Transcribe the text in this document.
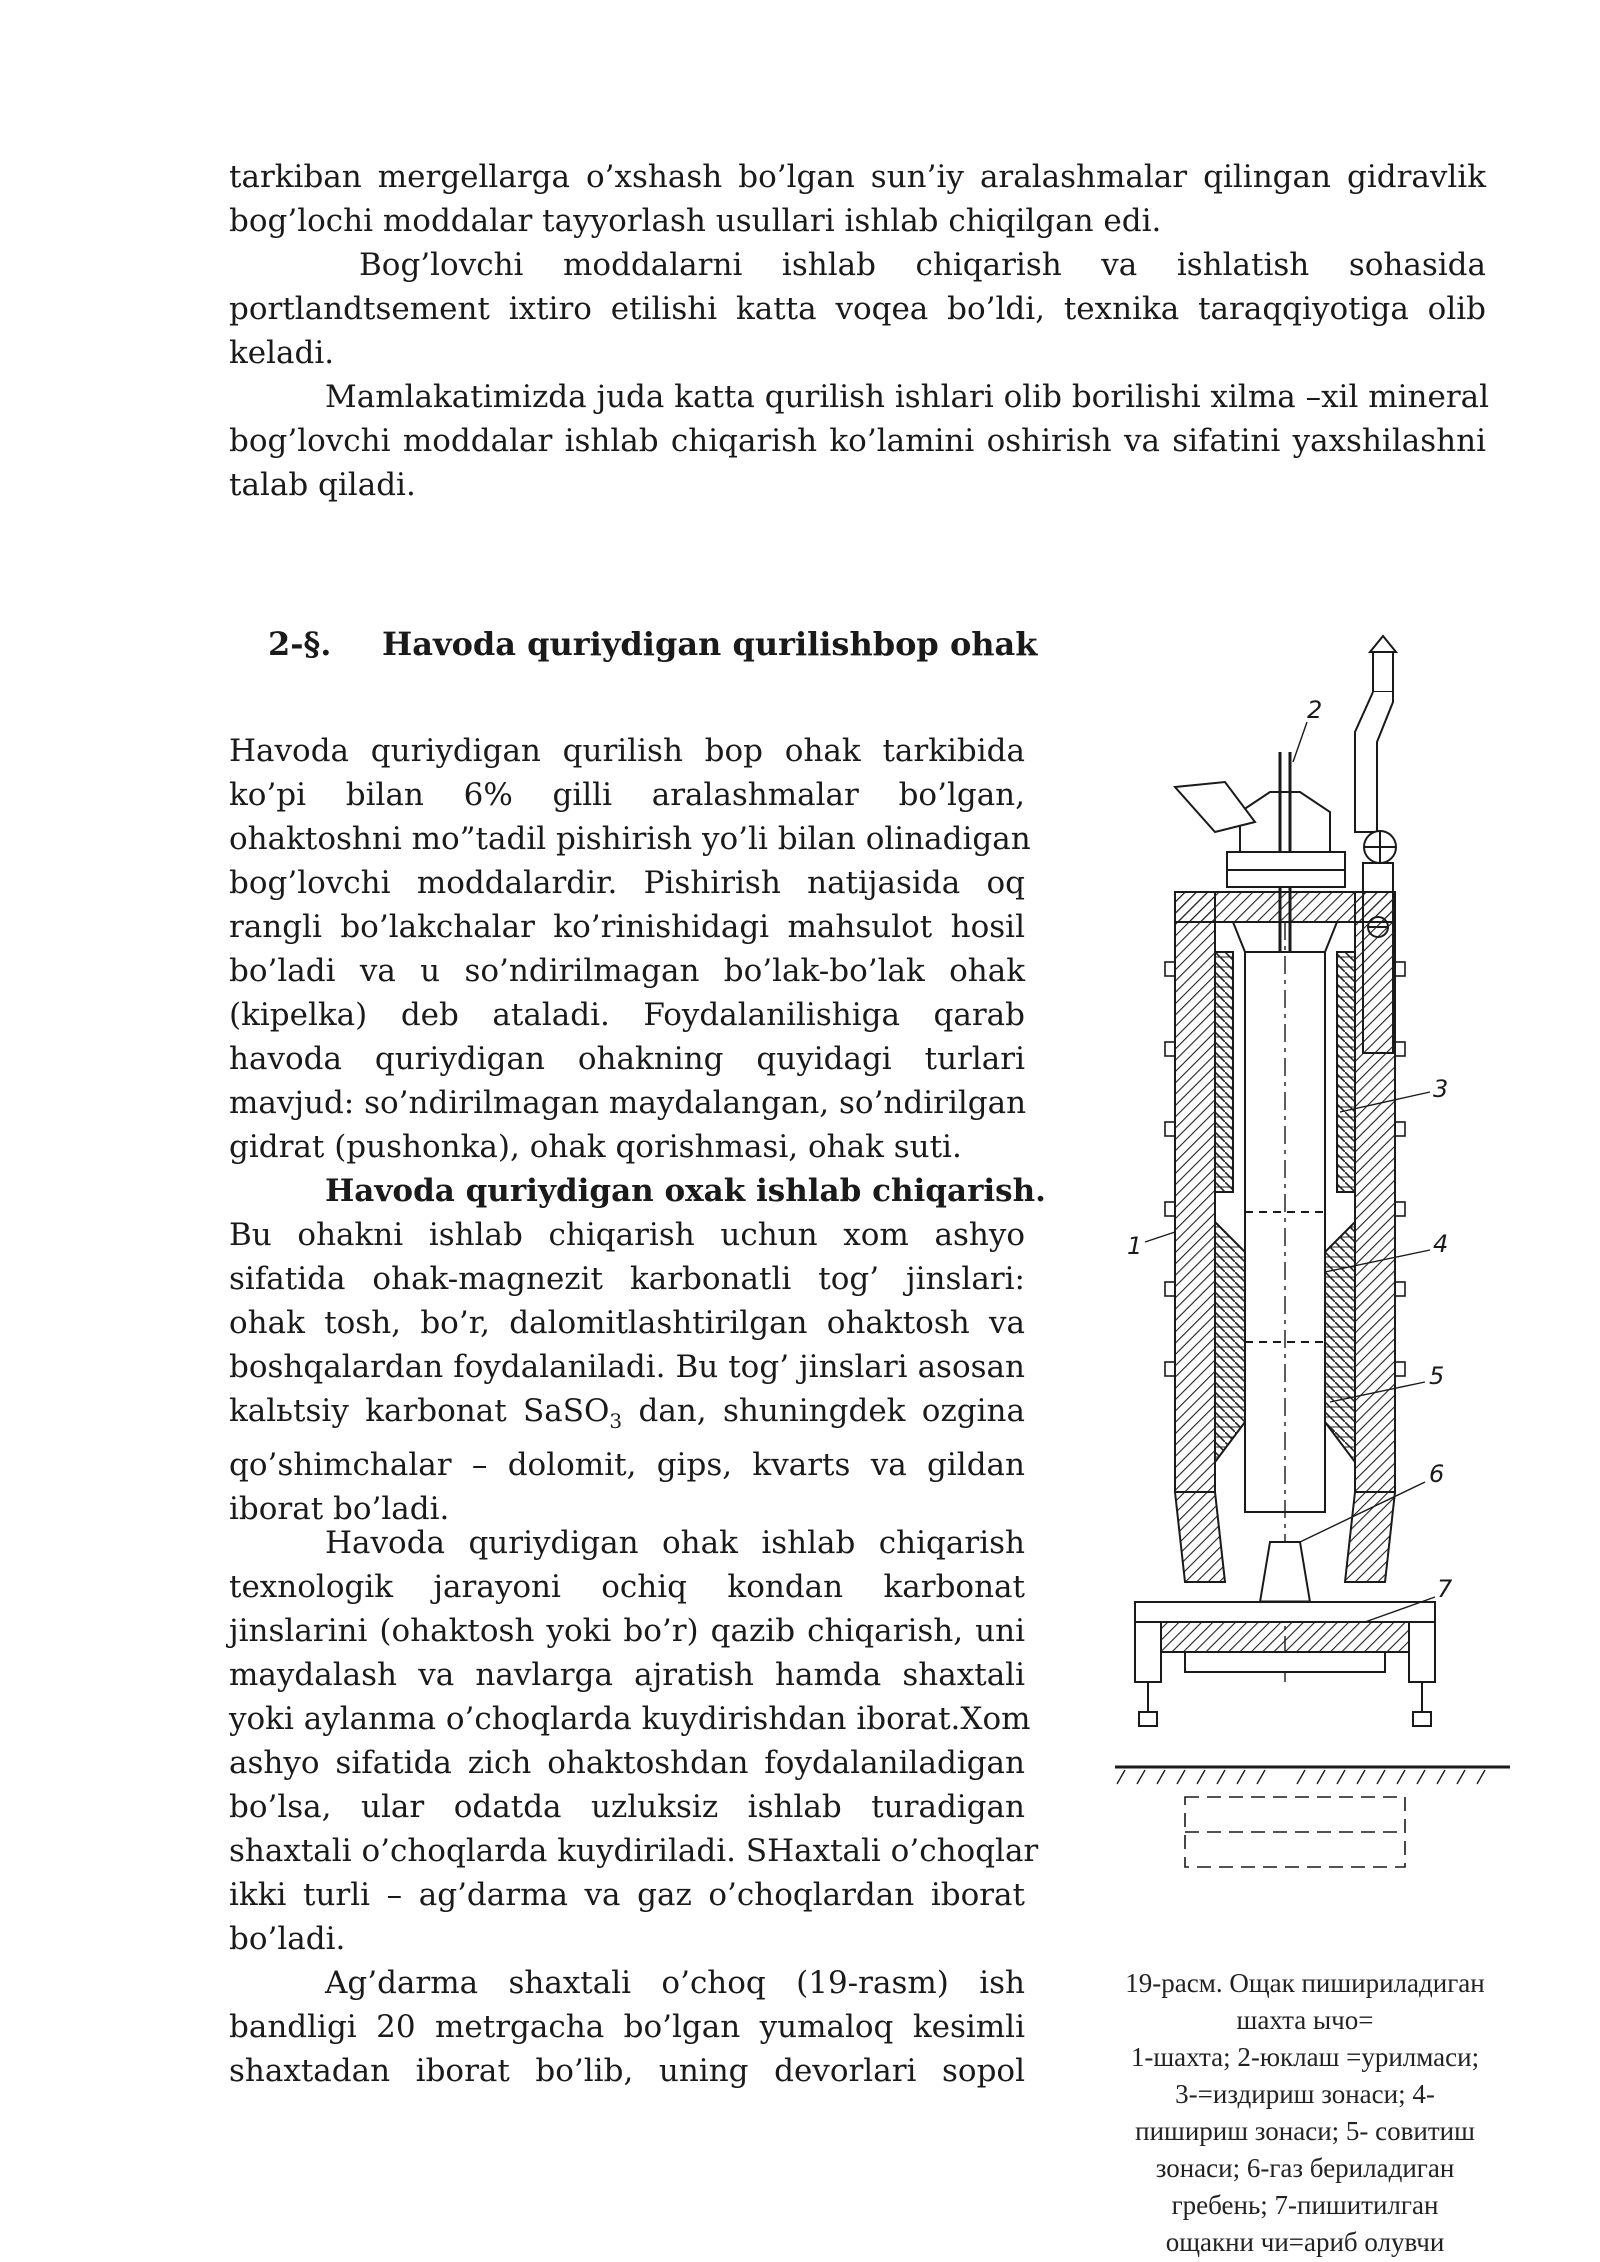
tarkiban mergellarga o’xshash bo’lgan sun’iy aralashmalar qilingan gidravlik
bog’lochi moddalar tayyorlash usullari ishlab chiqilgan edi.
Bog’lovchi moddalarni ishlab chiqarish va ishlatish sohasida
portlandtsement ixtiro etilishi katta voqea bo’ldi, texnika taraqqiyotiga olib
keladi.
Mamlakatimizda juda katta qurilish ishlari olib borilishi xilma –xil mineral
bog’lovchi moddalar ishlab chiqarish ko’lamini oshirish va sifatini yaxshilashni
talab qiladi.
2-§. Havoda quriydigan qurilishbop ohak
Havoda quriydigan qurilish bop ohak tarkibida
ko’pi bilan 6% gilli aralashmalar bo’lgan,
ohaktoshni mo”tadil pishirish yo’li bilan olinadigan
bog’lovchi moddalardir. Pishirish natijasida oq
rangli bo’lakchalar ko’rinishidagi mahsulot hosil
bo’ladi va u so’ndirilmagan bo’lak-bo’lak ohak
(kipelka) deb ataladi. Foydalanilishiga qarab
havoda quriydigan ohakning quyidagi turlari
mavjud: so’ndirilmagan maydalangan, so’ndirilgan
gidrat (pushonka), ohak qorishmasi, ohak suti.
Havoda quriydigan oxak ishlab chiqarish.
Bu ohakni ishlab chiqarish uchun xom ashyo
sifatida ohak-magnezit karbonatli tog’ jinslari:
ohak tosh, bo’r, dalomitlashtirilgan ohaktosh va
boshqalardan foydalaniladi. Bu tog’ jinslari asosan
kalьtsiy karbonat SaSO$_3$ dan, shuningdek ozgina
qo’shimchalar – dolomit, gips, kvarts va gildan
iborat bo’ladi.
Havoda quriydigan ohak ishlab chiqarish
texnologik jarayoni ochiq kondan karbonat
jinslarini (ohaktosh yoki bo’r) qazib chiqarish, uni
maydalash va navlarga ajratish hamda shaxtali
yoki aylanma o’choqlarda kuydirishdan iborat.Xom
ashyo sifatida zich ohaktoshdan foydalaniladigan
bo’lsa, ular odatda uzluksiz ishlab turadigan
shaxtali o’choqlarda kuydiriladi. SHaxtali o’choqlar
ikki turli – ag’darma va gaz o’choqlardan iborat
bo’ladi.
Ag’darma shaxtali o’choq (19-rasm) ish
bandligi 20 metrgacha bo’lgan yumaloq kesimli
shaxtadan iborat bo’lib, uning devorlari sopol
2
3
4
1
5
6
7
19-расм. Ощак пишириладиган
шахта ычо=
1-шахта; 2-юклаш =урилмаси;
3-=издириш зонаси; 4-
пишириш зонаси; 5- совитиш
зонаси; 6-газ бериладиган
гребень; 7-пишитилган
ощакни чи=ариб олувчи
